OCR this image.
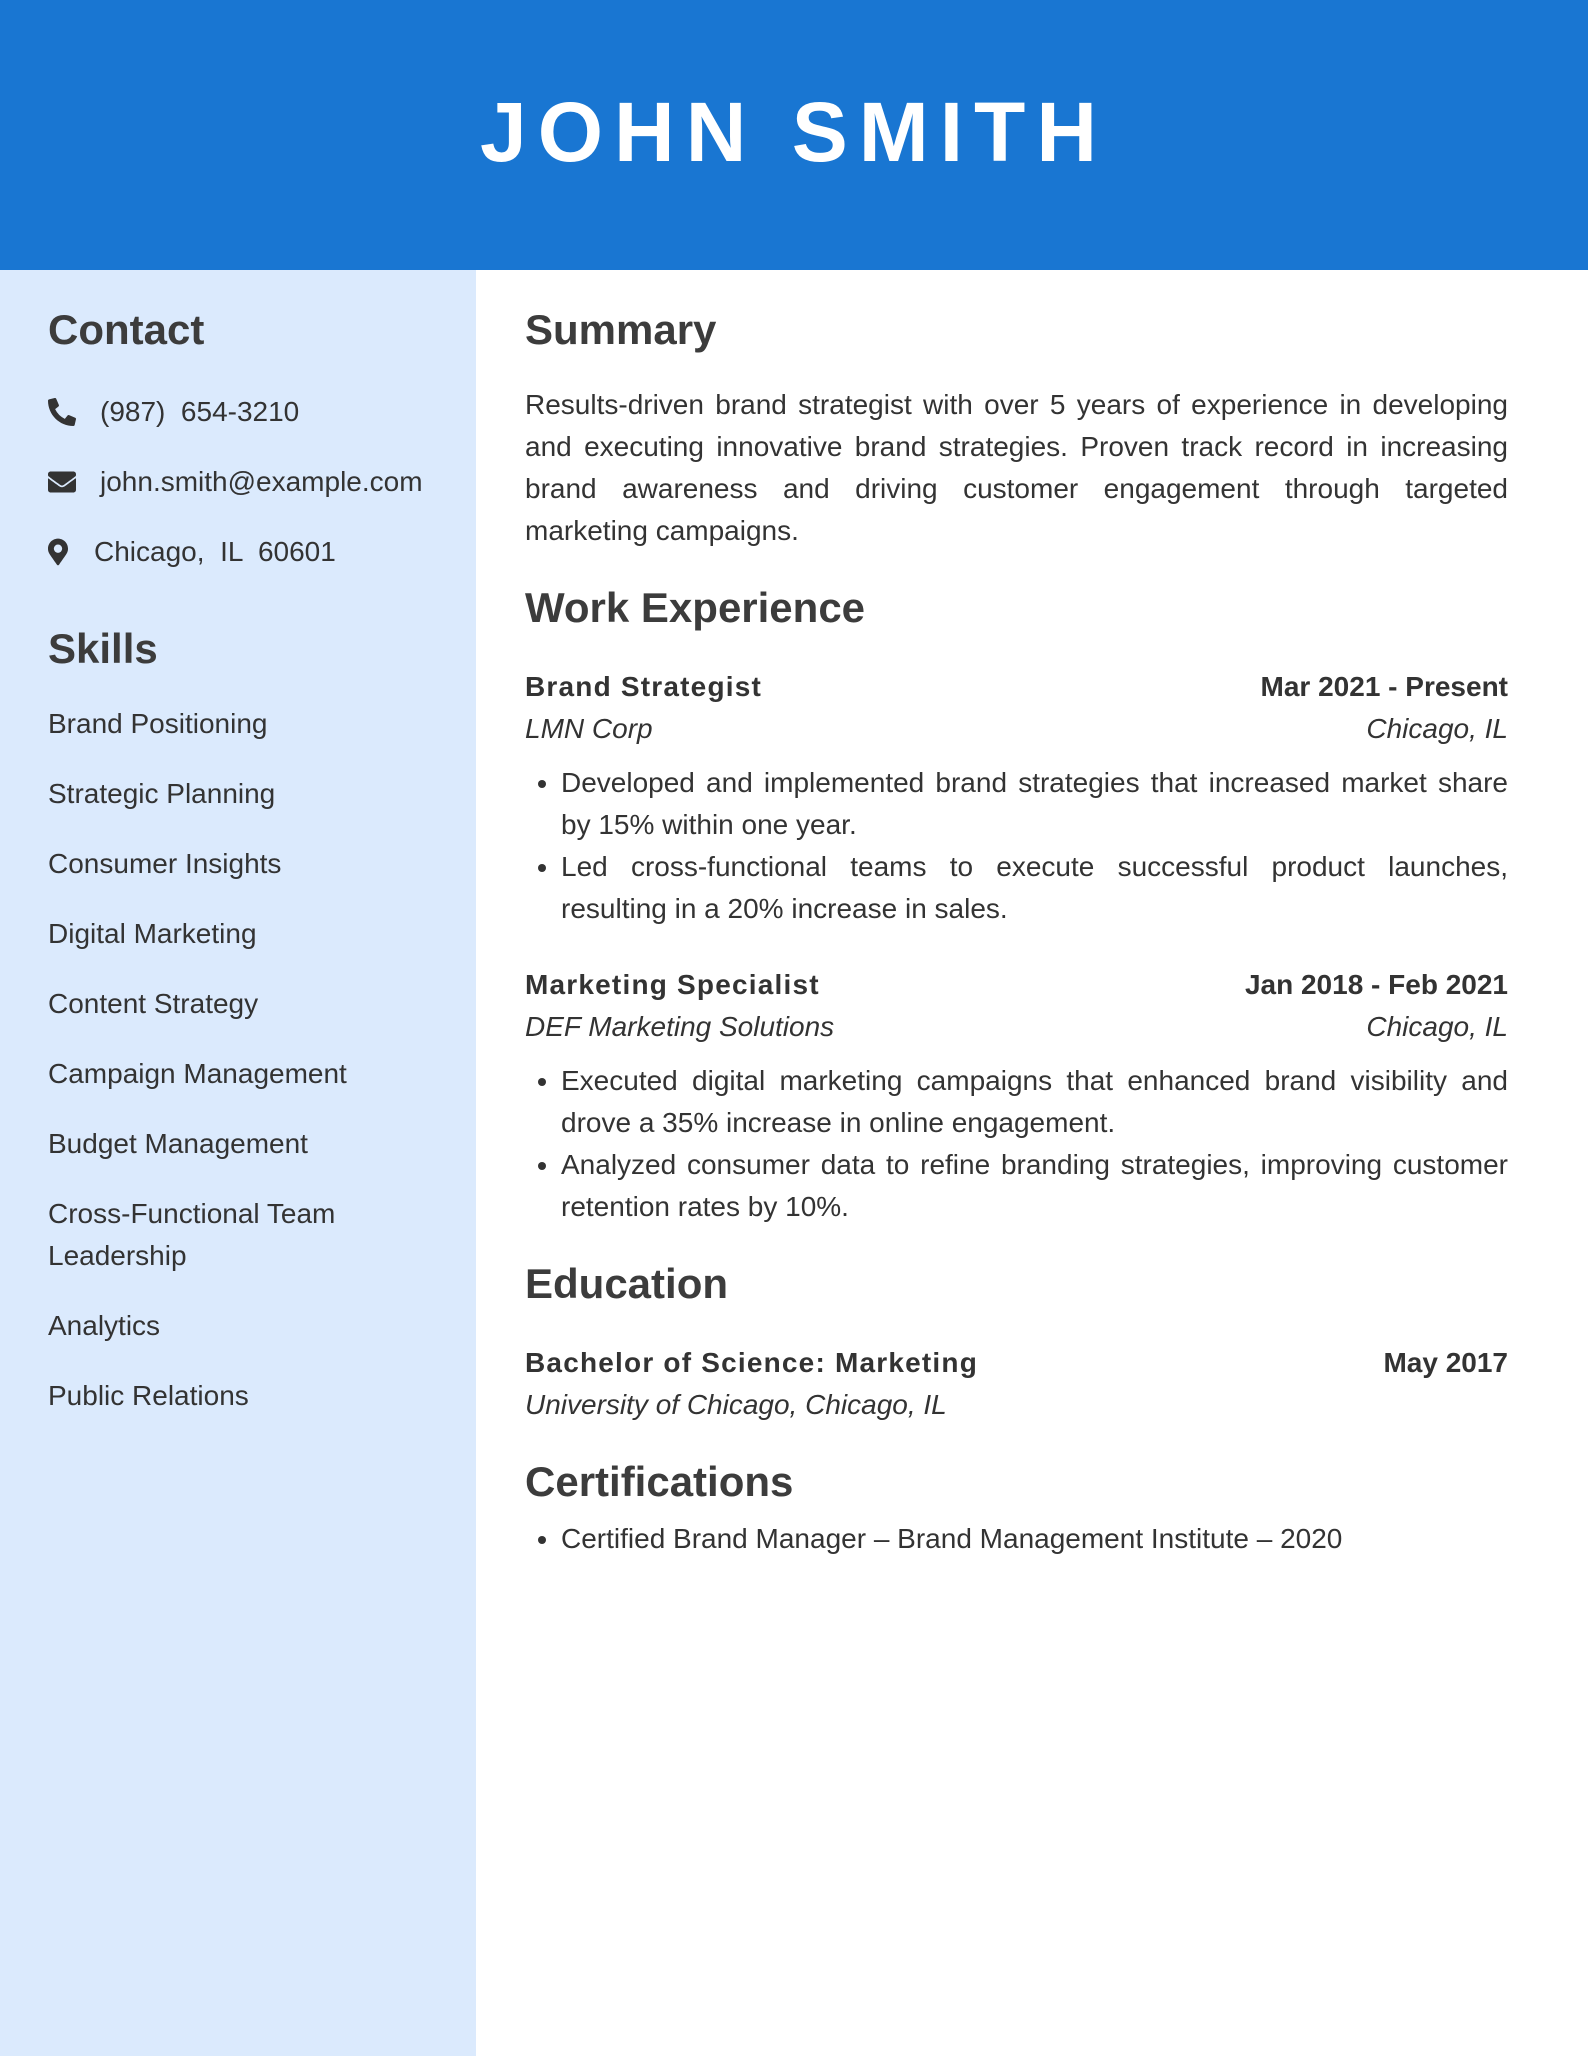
JOHN SMITH
Contact
(987)  654-3210
john.smith@example.com
Chicago,  IL  60601
Skills
Brand Positioning
Strategic Planning
Consumer Insights
Digital Marketing
Content Strategy
Campaign Management
Budget Management
Cross-Functional Team Leadership
Analytics
Public Relations
Summary
Results-driven brand strategist with over 5 years of experience in developing and executing innovative brand strategies. Proven track record in increasing brand awareness and driving customer engagement through targeted marketing campaigns.
Work Experience
Brand Strategist	Mar 2021 - Present
LMN Corp	Chicago, IL
• Developed and implemented brand strategies that increased market share by 15% within one year.
• Led cross-functional teams to execute successful product launches, resulting in a 20% increase in sales.
Marketing Specialist	Jan 2018 - Feb 2021
DEF Marketing Solutions	Chicago, IL
• Executed digital marketing campaigns that enhanced brand visibility and drove a 35% increase in online engagement.
• Analyzed consumer data to refine branding strategies, improving customer retention rates by 10%.
Education
Bachelor of Science: Marketing	May 2017
University of Chicago, Chicago, IL
Certifications
• Certified Brand Manager – Brand Management Institute – 2020
